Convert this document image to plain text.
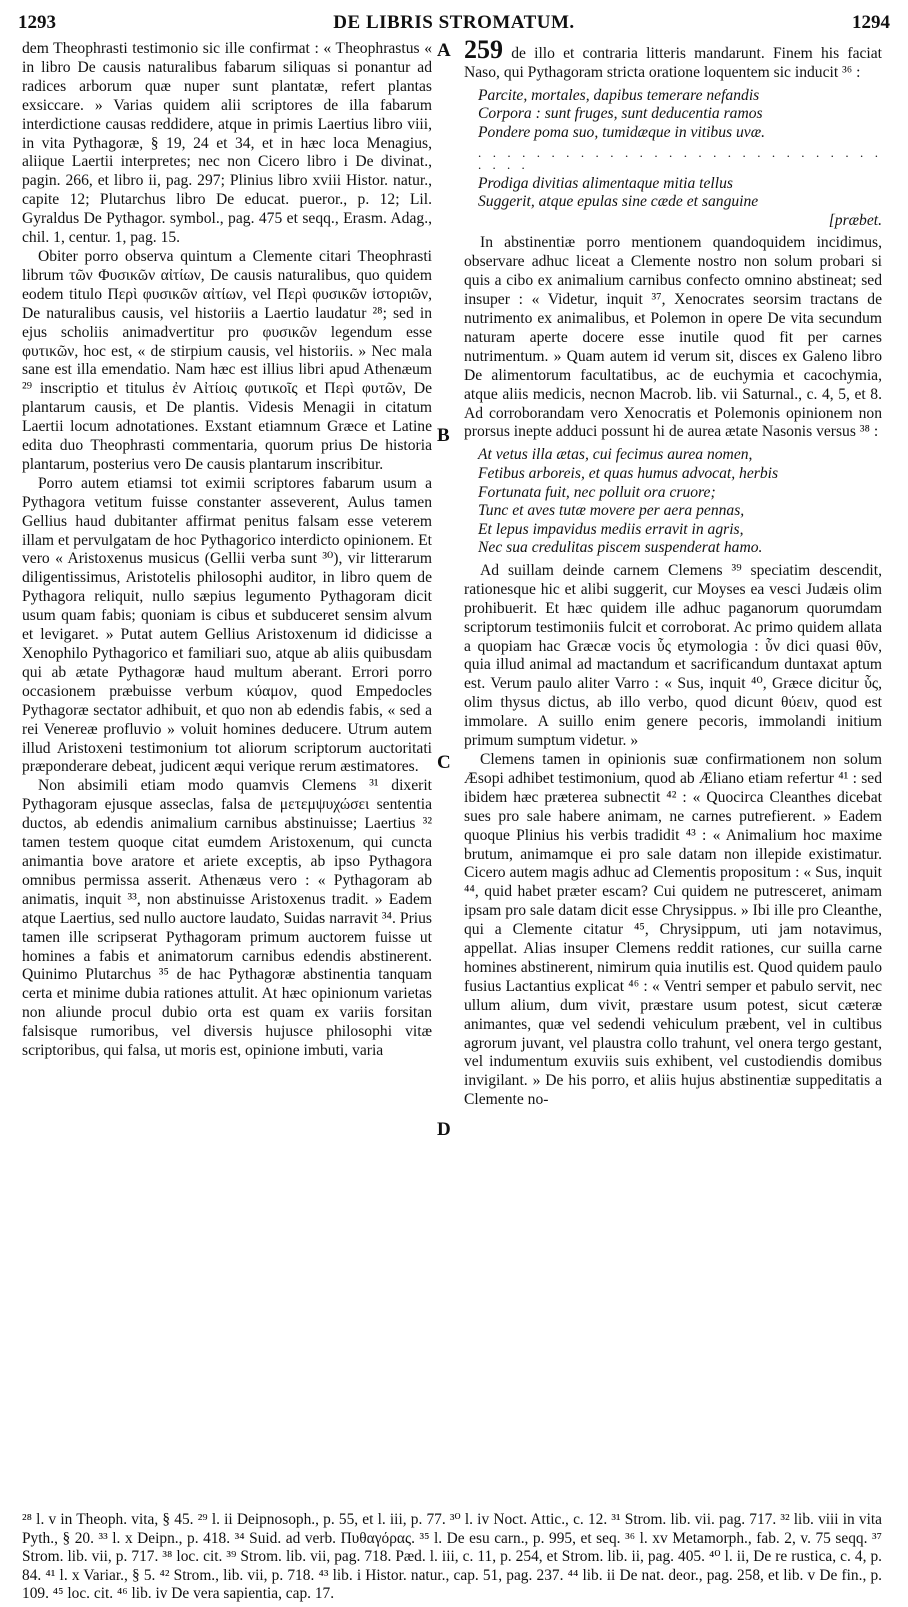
1293	DE LIBRIS STROMATUM.	1294
A
B
C
D

dem Theophrasti testimonio sic ille confirmat : « Theophrastus « in libro De causis naturalibus fabarum siliquas si ponantur ad radices arborum quæ nuper sunt plantatæ, refert plantas exsiccare. » Varias quidem alii scriptores de illa fabarum interdictione causas reddidere, atque in primis Laertius libro viii, in vita Pythagoræ, § 19, 24 et 34, et in hæc loca Menagius, aliique Laertii interpretes; nec non Cicero libro i De divinat., pagin. 266, et libro ii, pag. 297; Plinius libro xviii Histor. natur., capite 12; Plutarchus libro De educat. pueror., p. 12; Lil. Gyraldus De Pythagor. symbol., pag. 475 et seqq., Erasm. Adag., chil. 1, centur. 1, pag. 15.

Obiter porro observa quintum a Clemente citari Theophrasti librum τῶν Φυσικῶν αἰτίων, De causis naturalibus, quo quidem eodem titulo Περὶ φυσικῶν αἰτίων, vel Περὶ φυσικῶν ἱστοριῶν, De naturalibus causis, vel historiis a Laertio laudatur ²⁸; sed in ejus scholiis animadvertitur pro φυσικῶν legendum esse φυτικῶν, hoc est, « de stirpium causis, vel historiis. » Nec mala sane est illa emendatio. Nam hæc est illius libri apud Athenæum ²⁹ inscriptio et titulus ἐν Αἰτίοις φυτικοῖς et Περὶ φυτῶν, De plantarum causis, et De plantis. Videsis Menagii in citatum Laertii locum adnotationes. Exstant etiamnum Græce et Latine edita duo Theophrasti commentaria, quorum prius De historia plantarum, posterius vero De causis plantarum inscribitur.

Porro autem etiamsi tot eximii scriptores fabarum usum a Pythagora vetitum fuisse constanter asseverent, Aulus tamen Gellius haud dubitanter affirmat penitus falsam esse veterem illam et pervulgatam de hoc Pythagorico interdicto opinionem. Et vero « Aristoxenus musicus (Gellii verba sunt ³⁰), vir litterarum diligentissimus, Aristotelis philosophi auditor, in libro quem de Pythagora reliquit, nullo sæpius legumento Pythagoram dicit usum quam fabis; quoniam is cibus et subduceret sensim alvum et levigaret. » Putat autem Gellius Aristoxenum id didicisse a Xenophilo Pythagorico et familiari suo, atque ab aliis quibusdam qui ab ætate Pythagoræ haud multum aberant. Errori porro occasionem præbuisse verbum κύαμον, quod Empedocles Pythagoræ sectator adhibuit, et quo non ab edendis fabis, « sed a rei Venereæ profluvio » voluit homines deducere. Utrum autem illud Aristoxeni testimonium tot aliorum scriptorum auctoritati præponderare debeat, judicent æqui verique rerum æstimatores.

Non absimili etiam modo quamvis Clemens ³¹ dixerit Pythagoram ejusque asseclas, falsa de μετεμψυχώσει sententia ductos, ab edendis animalium carnibus abstinuisse; Laertius ³² tamen testem quoque citat eumdem Aristoxenum, qui cuncta animantia bove aratore et ariete exceptis, ab ipso Pythagora omnibus permissa asserit. Athenæus vero : « Pythagoram ab animatis, inquit ³³, non abstinuisse Aristoxenus tradit. » Eadem atque Laertius, sed nullo auctore laudato, Suidas narravit ³⁴. Prius tamen ille scripserat Pythagoram primum auctorem fuisse ut homines a fabis et animatorum carnibus edendis abstinerent. Quinimo Plutarchus ³⁵ de hac Pythagoræ abstinentia tanquam certa et minime dubia rationes attulit. At hæc opinionum varietas non aliunde procul dubio orta est quam ex variis forsitan falsisque rumoribus, vel diversis hujusce philosophi vitæ scriptoribus, qui falsa, ut moris est, opinione imbuti, varia

259 de illo et contraria litteris mandarunt. Finem his faciat Naso, qui Pythagoram stricta oratione loquentem sic inducit ³⁶ :

Parcite, mortales, dapibus temerare nefandis
Corpora : sunt fruges, sunt deducentia ramos
Pondere poma suo, tumidæque in vitibus uvæ.
. . . . . . . . . . . . . . . . . . . . . . . . . . . . . . . .
Prodiga divitias alimentaque mitia tellus
Suggerit, atque epulas sine cæde et sanguine
[præbet.

In abstinentiæ porro mentionem quandoquidem incidimus, observare adhuc liceat a Clemente nostro non solum probari si quis a cibo ex animalium carnibus confecto omnino abstineat; sed insuper : « Videtur, inquit ³⁷, Xenocrates seorsim tractans de nutrimento ex animalibus, et Polemon in opere De vita secundum naturam aperte docere esse inutile quod fit per carnes nutrimentum. » Quam autem id verum sit, disces ex Galeno libro De alimentorum facultatibus, ac de euchymia et cacochymia, atque aliis medicis, necnon Macrob. lib. vii Saturnal., c. 4, 5, et 8. Ad corroborandam vero Xenocratis et Polemonis opinionem non prorsus inepte adduci possunt hi de aurea ætate Nasonis versus ³⁸ :

At vetus illa ætas, cui fecimus aurea nomen,
Fetibus arboreis, et quas humus advocat, herbis
Fortunata fuit, nec polluit ora cruore;
Tunc et aves tutæ movere per aera pennas,
Et lepus impavidus mediis erravit in agris,
Nec sua credulitas piscem suspenderat hamo.

Ad suillam deinde carnem Clemens ³⁹ speciatim descendit, rationesque hic et alibi suggerit, cur Moyses ea vesci Judæis olim prohibuerit. Et hæc quidem ille adhuc paganorum quorumdam scriptorum testimoniis fulcit et corroborat. Ac primo quidem allata a quopiam hac Græcæ vocis ὗς etymologia : ὗν dici quasi θῦν, quia illud animal ad mactandum et sacrificandum duntaxat aptum est. Verum paulo aliter Varro : « Sus, inquit ⁴⁰, Græce dicitur ὗς, olim thysus dictus, ab illo verbo, quod dicunt θύειν, quod est immolare. A suillo enim genere pecoris, immolandi initium primum sumptum videtur. »

Clemens tamen in opinionis suæ confirmationem non solum Æsopi adhibet testimonium, quod ab Æliano etiam refertur ⁴¹ : sed ibidem hæc præterea subnectit ⁴² : « Quocirca Cleanthes dicebat sues pro sale habere animam, ne carnes putrefierent. » Eadem quoque Plinius his verbis tradidit ⁴³ : « Animalium hoc maxime brutum, animamque ei pro sale datam non illepide existimatur. Cicero autem magis adhuc ad Clementis propositum : « Sus, inquit ⁴⁴, quid habet præter escam? Cui quidem ne putresceret, animam ipsam pro sale datam dicit esse Chrysippus. » Ibi ille pro Cleanthe, qui a Clemente citatur ⁴⁵, Chrysippum, uti jam notavimus, appellat. Alias insuper Clemens reddit rationes, cur suilla carne homines abstinerent, nimirum quia inutilis est. Quod quidem paulo fusius Lactantius explicat ⁴⁶ : « Ventri semper et pabulo servit, nec ullum alium, dum vivit, præstare usum potest, sicut cæteræ animantes, quæ vel sedendi vehiculum præbent, vel in cultibus agrorum juvant, vel plaustra collo trahunt, vel onera tergo gestant, vel indumentum exuviis suis exhibent, vel custodiendis domibus invigilant. » De his porro, et aliis hujus abstinentiæ suppeditatis a Clemente no-

²⁸ l. v in Theoph. vita, § 45. ²⁹ l. ii Deipnosoph., p. 55, et l. iii, p. 77. ³⁰ l. iv Noct. Attic., c. 12. ³¹ Strom. lib. vii. pag. 717. ³² lib. viii in vita Pyth., § 20. ³³ l. x Deipn., p. 418. ³⁴ Suid. ad verb. Πυθαγόρας. ³⁵ l. De esu carn., p. 995, et seq. ³⁶ l. xv Metamorph., fab. 2, v. 75 seqq. ³⁷ Strom. lib. vii, p. 717. ³⁸ loc. cit. ³⁹ Strom. lib. vii, pag. 718. Pæd. l. iii, c. 11, p. 254, et Strom. lib. ii, pag. 405. ⁴⁰ l. ii, De re rustica, c. 4, p. 84. ⁴¹ l. x Variar., § 5. ⁴² Strom., lib. vii, p. 718. ⁴³ lib. i Histor. natur., cap. 51, pag. 237. ⁴⁴ lib. ii De nat. deor., pag. 258, et lib. v De fin., p. 109. ⁴⁵ loc. cit. ⁴⁶ lib. iv De vera sapientia, cap. 17.
